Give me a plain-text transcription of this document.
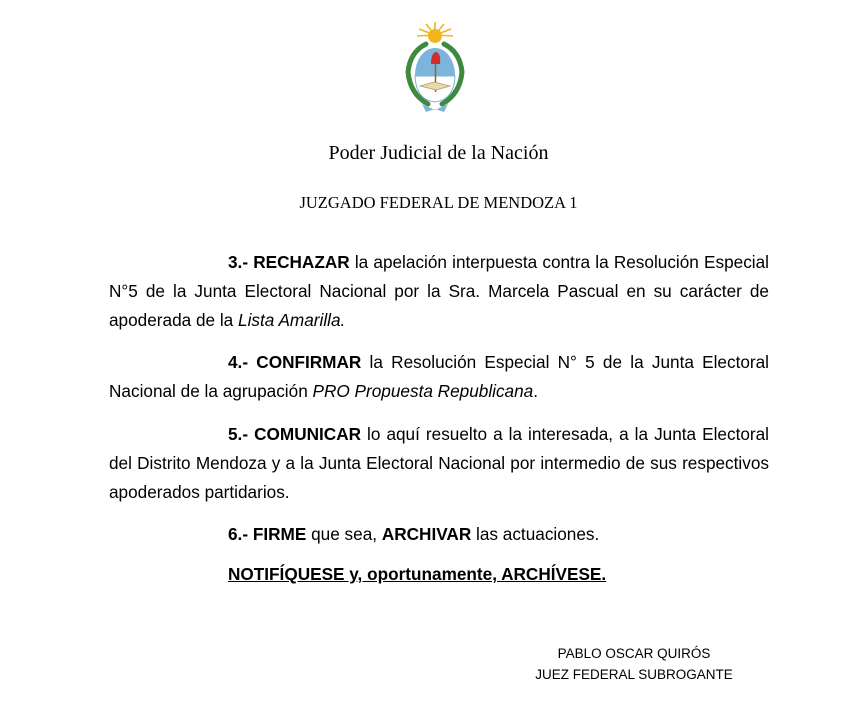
Poder Judicial de la Nación
JUZGADO FEDERAL DE MENDOZA 1

3.- RECHAZAR la apelación interpuesta contra la Resolución Especial N°5 de la Junta Electoral Nacional por la Sra. Marcela Pascual en su carácter de apoderada de la Lista Amarilla.

4.- CONFIRMAR la Resolución Especial N° 5 de la Junta Electoral Nacional de la agrupación PRO Propuesta Republicana.

5.- COMUNICAR lo aquí resuelto a la interesada, a la Junta Electoral del Distrito Mendoza y a la Junta Electoral Nacional por intermedio de sus respectivos apoderados partidarios.

6.- FIRME que sea, ARCHIVAR las actuaciones.

NOTIFÍQUESE y, oportunamente, ARCHÍVESE.

PABLO OSCAR QUIRÓS
JUEZ FEDERAL SUBROGANTE
